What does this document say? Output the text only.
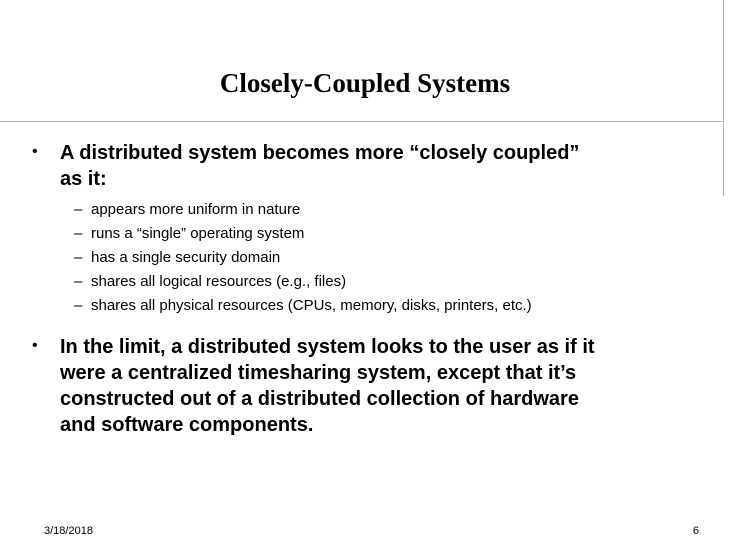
Closely-Coupled Systems
• A distributed system becomes more “closely coupled”
as it:
– appears more uniform in nature
– runs a “single” operating system
– has a single security domain
– shares all logical resources (e.g., files)
– shares all physical resources (CPUs, memory, disks, printers, etc.)
• In the limit, a distributed system looks to the user as if it
were a centralized timesharing system, except that it’s
constructed out of a distributed collection of hardware
and software components.
3/18/2018	6
